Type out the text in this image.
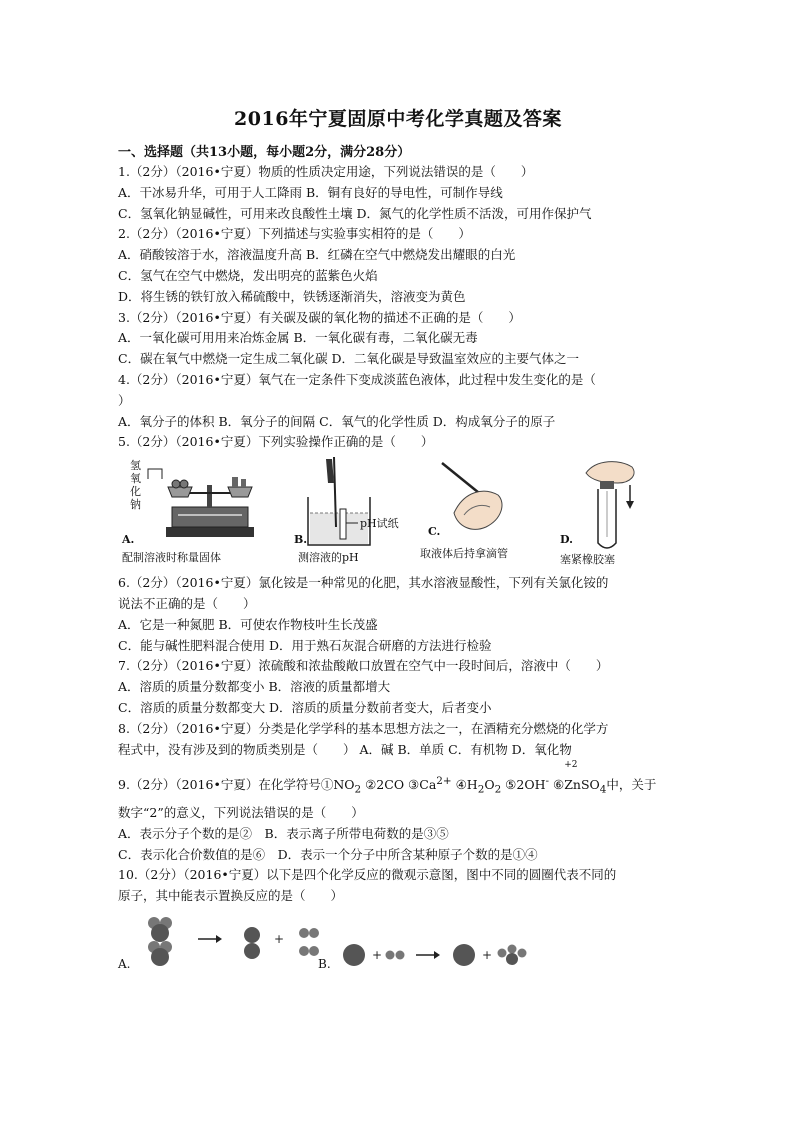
2016年宁夏固原中考化学真题及答案
一、选择题（共13小题，每小题2分，满分28分）
1.（2分）（2016•宁夏）物质的性质决定用途，下列说法错误的是（　　）
A．干冰易升华，可用于人工降雨 B．铜有良好的导电性，可制作导线
C．氢氧化钠显碱性，可用来改良酸性土壤 D．氮气的化学性质不活泼，可用作保护气
2.（2分）（2016•宁夏）下列描述与实验事实相符的是（　　）
A．硝酸铵溶于水，溶液温度升高 B．红磷在空气中燃烧发出耀眼的白光
C．氢气在空气中燃烧，发出明亮的蓝紫色火焰
D．将生锈的铁钉放入稀硫酸中，铁锈逐渐消失，溶液变为黄色
3.（2分）（2016•宁夏）有关碳及碳的氧化物的描述不正确的是（　　）
A．一氧化碳可用用来冶炼金属 B．一氧化碳有毒，二氧化碳无毒
C．碳在氧气中燃烧一定生成二氧化碳 D．二氧化碳是导致温室效应的主要气体之一
4.（2分）（2016•宁夏）氧气在一定条件下变成淡蓝色液体，此过程中发生变化的是（
）
A．氧分子的体积 B．氧分子的间隔 C．氧气的化学性质 D．构成氧分子的原子
5.（2分）（2016•宁夏）下列实验操作正确的是（　　）
氢
氧
化
钠
A.
配制溶液时称量固体
pH试纸
B.
测溶液的pH
C.
取液体后持拿滴管
D.
塞紧橡胶塞
6.（2分）（2016•宁夏）氯化铵是一种常见的化肥，其水溶液显酸性，下列有关氯化铵的
说法不正确的是（　　）
A．它是一种氮肥 B．可使农作物枝叶生长茂盛
C．能与碱性肥料混合使用 D．用于熟石灰混合研磨的方法进行检验
7.（2分）（2016•宁夏）浓硫酸和浓盐酸敞口放置在空气中一段时间后，溶液中（　　）
A．溶质的质量分数都变小 B．溶液的质量都增大
C．溶质的质量分数都变大 D．溶质的质量分数前者变大，后者变小
8.（2分）（2016•宁夏）分类是化学学科的基本思想方法之一，在酒精充分燃烧的化学方
程式中，没有涉及到的物质类别是（　　） A．碱 B．单质 C．有机物 D．氧化物
9.（2分）（2016•宁夏）在化学符号$①NO_2$ ②2CO $③Ca^{2+}$ $④H_2O_2$ ⑤2OH- ⑥
+2
ZnSO$_4$中，关于
数字“2”的意义，下列说法错误的是（　　）
A．表示分子个数的是②　B．表示离子所带电荷数的是③⑤
C．表示化合价数值的是⑥　D．表示一个分子中所含某种原子个数的是①④
10.（2分）（2016•宁夏）以下是四个化学反应的微观示意图，图中不同的圆圈代表不同的
原子，其中能表示置换反应的是（　　）
+
+	+
A.	B.
